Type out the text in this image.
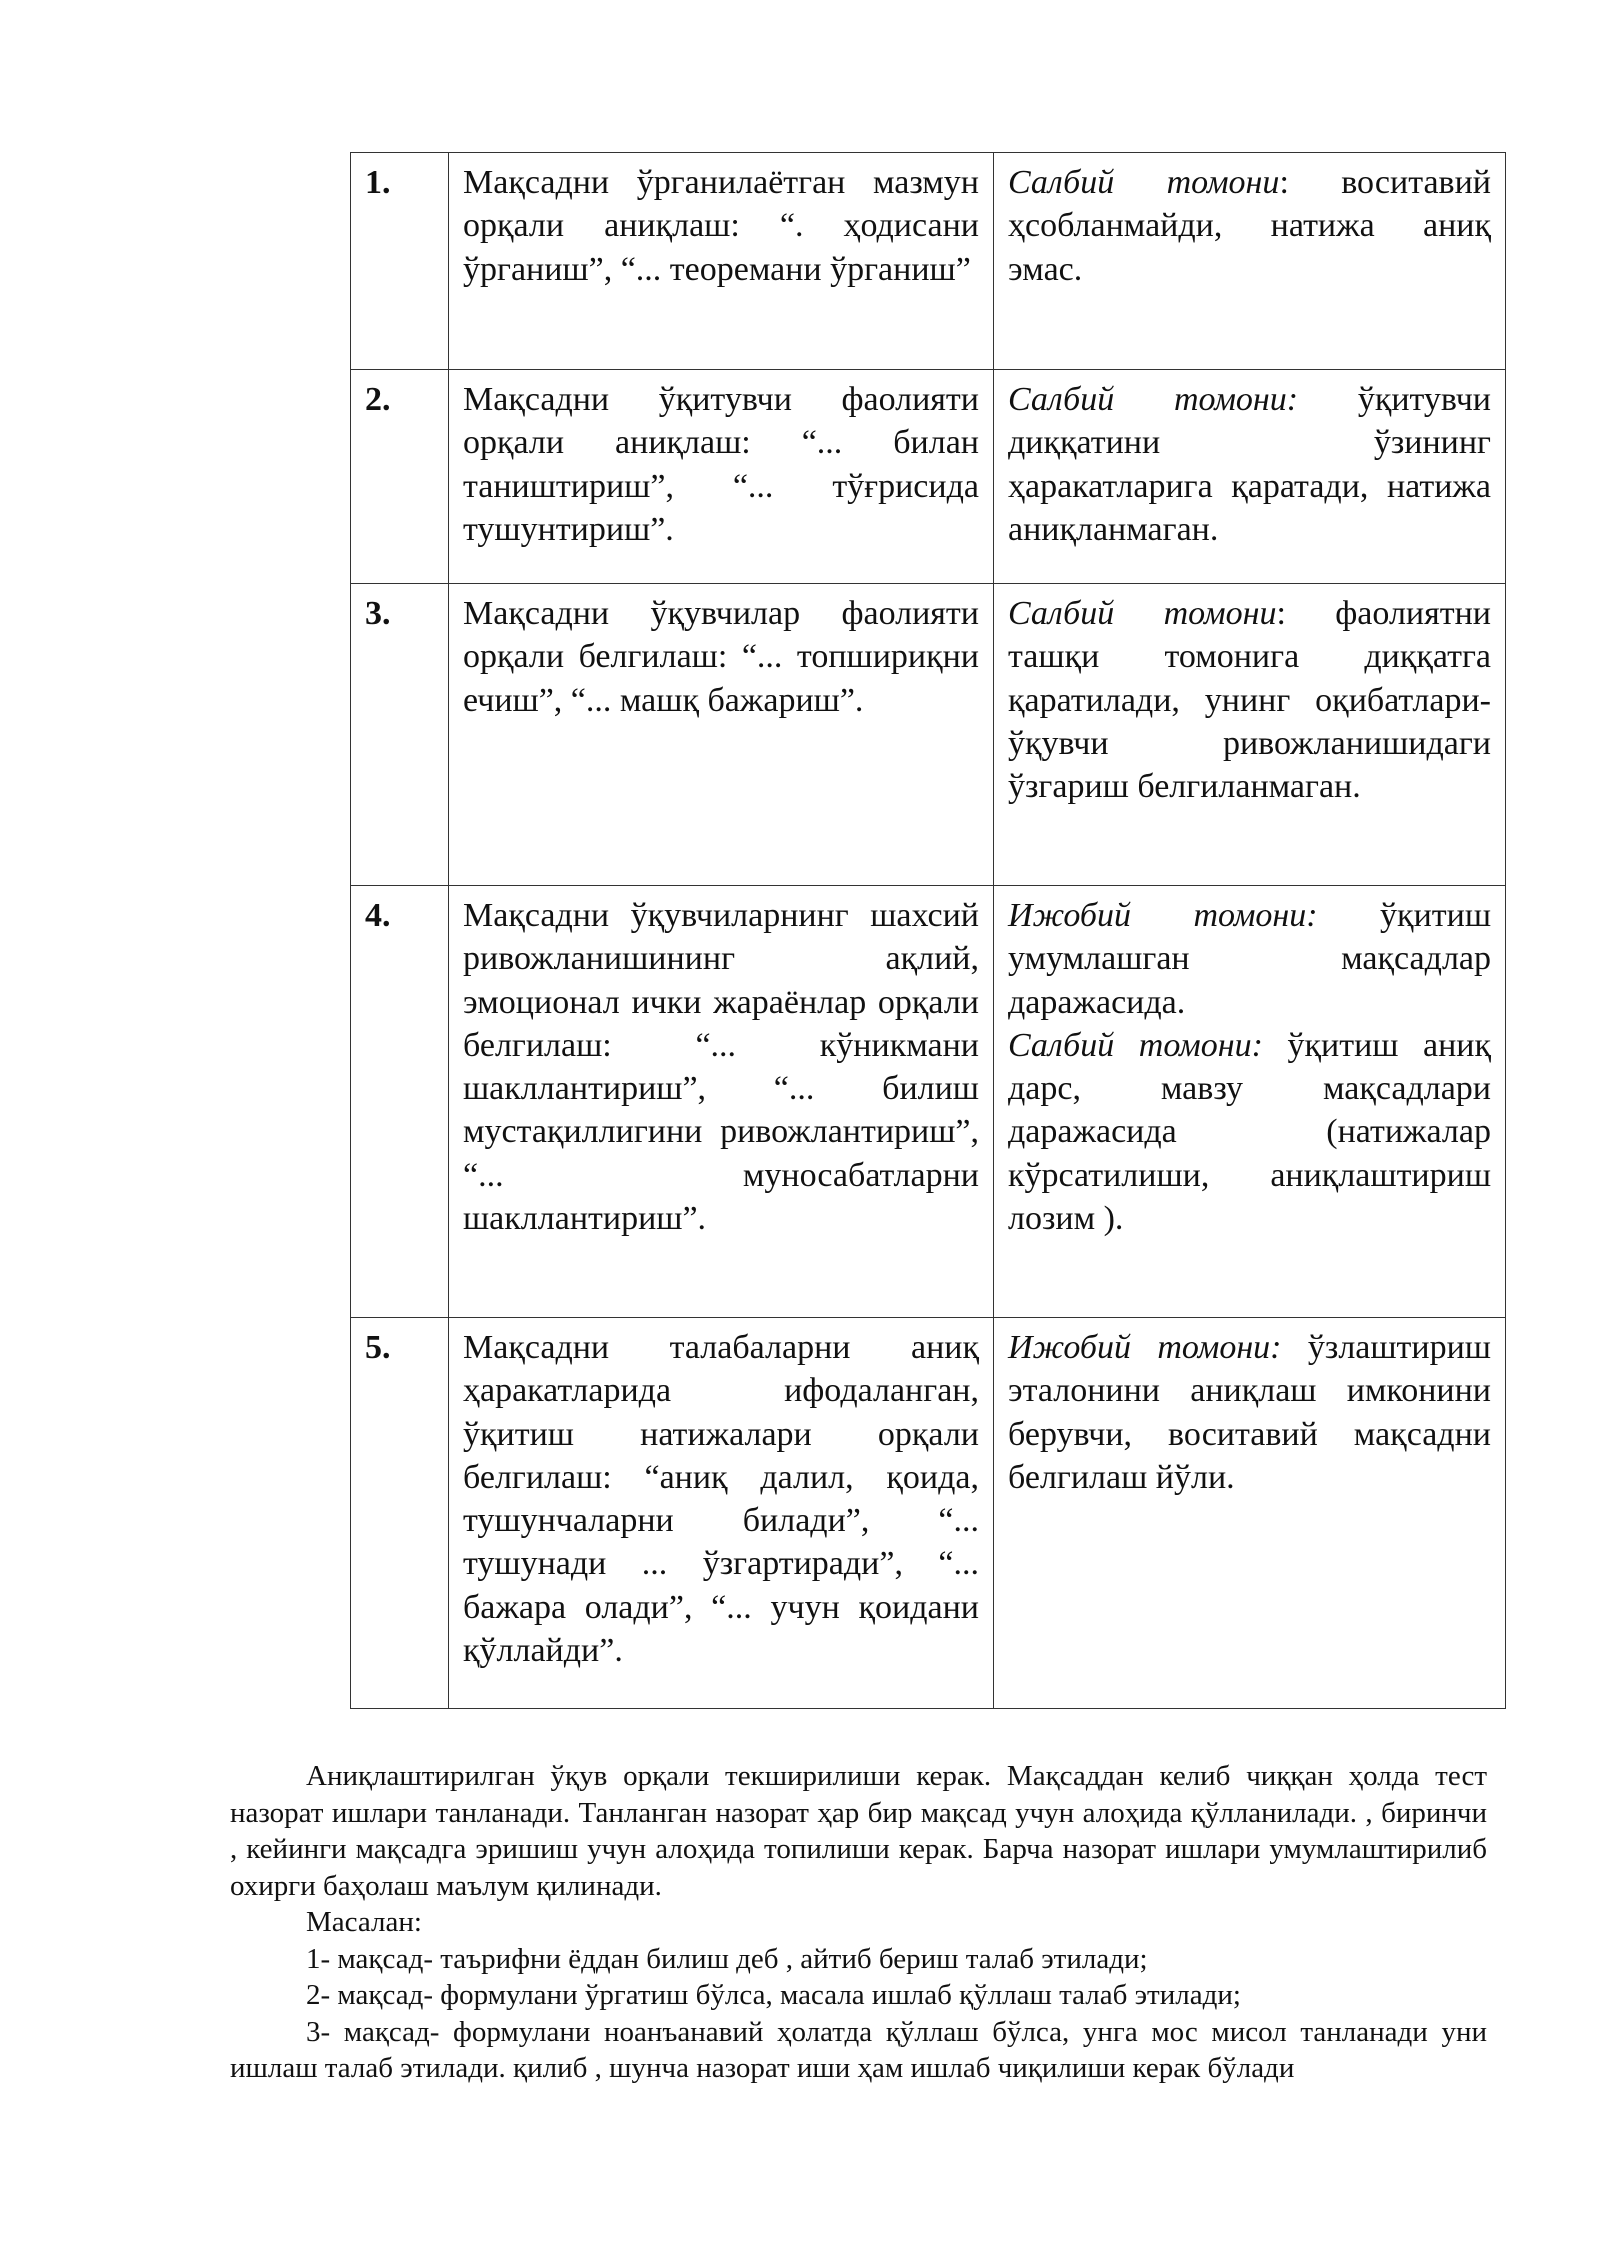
1.	Мақсадни ўрганилаётган мазмун орқали аниқлаш: “. ҳодисани ўрганиш”, “... теоремани ўрганиш”	Салбий томони: воситавий ҳсобланмайди, натижа аниқ эмас.

2.	Мақсадни ўқитувчи фаолияти орқали аниқлаш: “... билан таништириш”, “... тўғрисида тушунтириш”.	Салбий томони: ўқитувчи диққатини ўзининг ҳаракатларига қаратади, натижа аниқланмаган.

3.	Мақсадни ўқувчилар фаолияти орқали белгилаш: “... топшириқни ечиш”, “... машқ бажариш”.	Салбий томони: фаолиятни ташқи томонига диққатга қаратилади, унинг оқибатлари- ўқувчи ривожланишидаги ўзгариш белгиланмаган.

4.	Мақсадни ўқувчиларнинг шахсий ривожланишининг ақлий, эмоционал ички жараёнлар орқали белгилаш: “... кўникмани шакллантириш”, “... билиш мустақиллигини ривожлантириш”, “... муносабатларни шакллантириш”.	Ижобий томони: ўқитиш умумлашган мақсадлар даражасида.
Салбий томони: ўқитиш аниқ дарс, мавзу мақсадлари даражасида (натижалар кўрсатилиши, аниқлаштириш лозим ).

5.	Мақсадни талабаларни аниқ ҳаракатларида ифодаланган, ўқитиш натижалари орқали белгилаш: “аниқ далил, қоида, тушунчаларни билади”, “... тушунади ... ўзгартиради”, “... бажара олади”, “... учун қоидани қўллайди”.	Ижобий томони: ўзлаштириш эталонини аниқлаш имконини берувчи, воситавий мақсадни белгилаш йўли.

Аниқлаштирилган ўқув орқали текширилиши керак. Мақсаддан келиб чиққан ҳолда тест назорат ишлари танланади. Танланган назорат ҳар бир мақсад учун алоҳида қўлланилади. , биринчи , кейинги мақсадга эришиш учун алоҳида топилиши керак. Барча назорат ишлари умумлаштирилиб охирги баҳолаш маълум қилинади.

Масалан:

1- мақсад- таърифни ёддан билиш деб , айтиб бериш талаб этилади;

2- мақсад- формулани ўргатиш бўлса, масала ишлаб қўллаш талаб этилади;

3- мақсад- формулани ноанъанавий ҳолатда қўллаш бўлса, унга мос мисол танланади уни ишлаш талаб этилади. қилиб , шунча назорат иши ҳам ишлаб чиқилиши керак бўлади
